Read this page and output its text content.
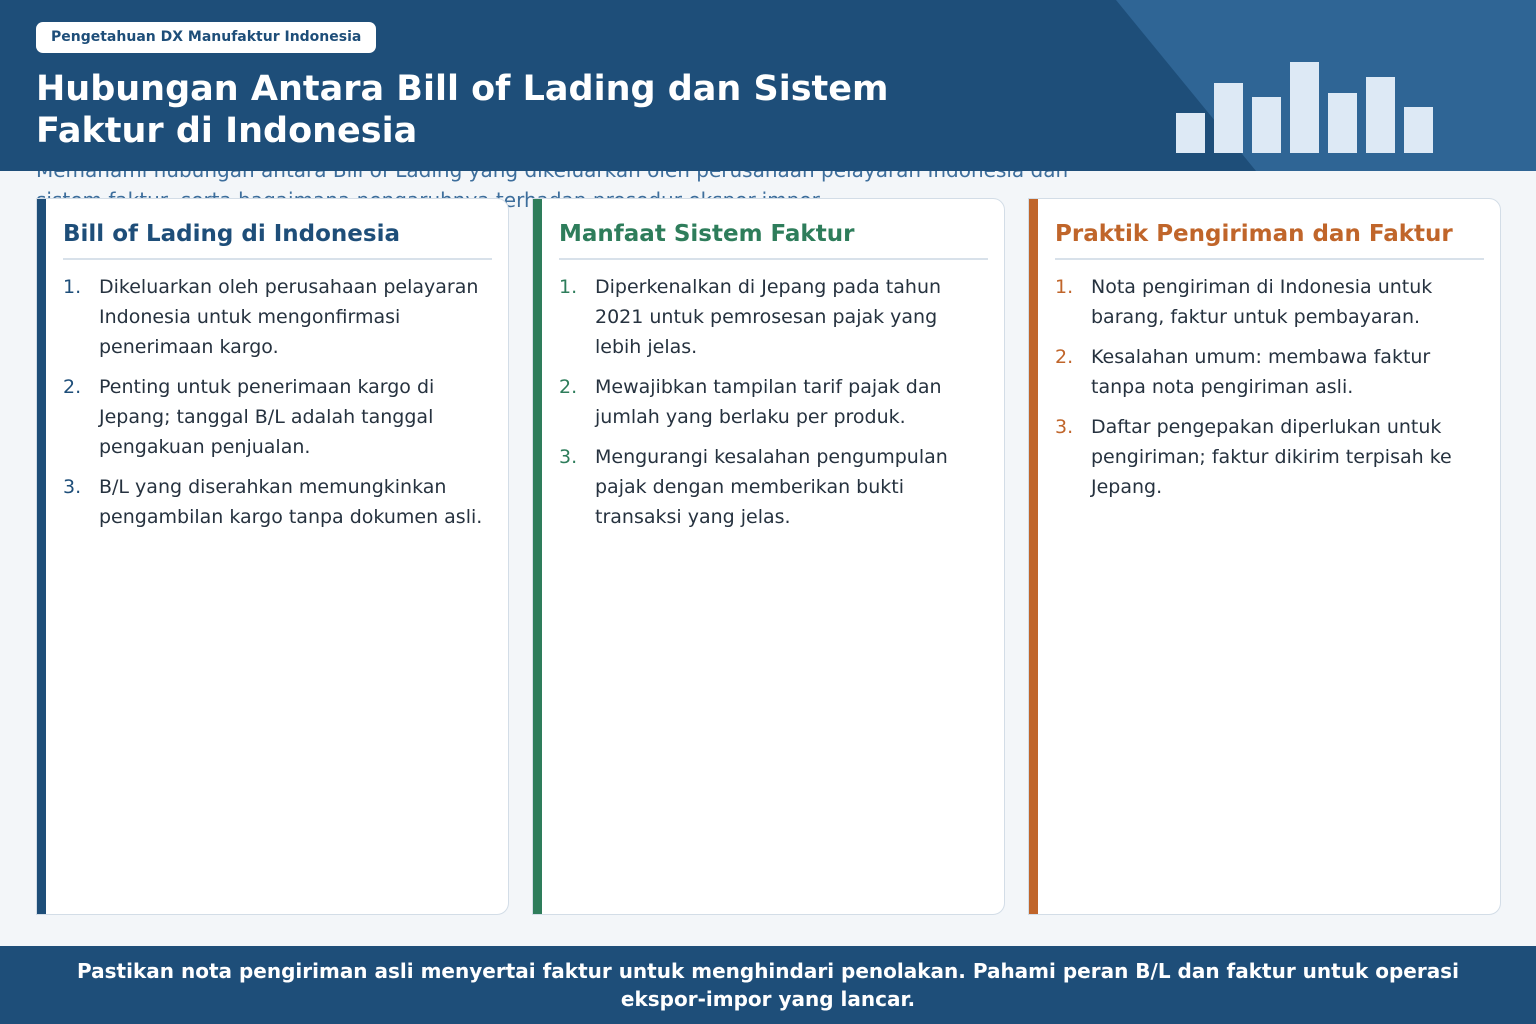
Pengetahuan DX Manufaktur Indonesia
Hubungan Antara Bill of Lading dan Sistem Faktur di Indonesia
Bill of Lading di Indonesia
1. Dikeluarkan oleh perusahaan pelayaran Indonesia untuk mengonfirmasi penerimaan kargo.
2. Penting untuk penerimaan kargo di Jepang; tanggal B/L adalah tanggal pengakuan penjualan.
3. B/L yang diserahkan memungkinkan pengambilan kargo tanpa dokumen asli.
Manfaat Sistem Faktur
1. Diperkenalkan di Jepang pada tahun 2021 untuk pemrosesan pajak yang lebih jelas.
2. Mewajibkan tampilan tarif pajak dan jumlah yang berlaku per produk.
3. Mengurangi kesalahan pengumpulan pajak dengan memberikan bukti transaksi yang jelas.
Praktik Pengiriman dan Faktur
1. Nota pengiriman di Indonesia untuk barang, faktur untuk pembayaran.
2. Kesalahan umum: membawa faktur tanpa nota pengiriman asli.
3. Daftar pengepakan diperlukan untuk pengiriman; faktur dikirim terpisah ke Jepang.

Pastikan nota pengiriman asli menyertai faktur untuk menghindari penolakan. Pahami peran B/L dan faktur untuk operasi ekspor-impor yang lancar.
